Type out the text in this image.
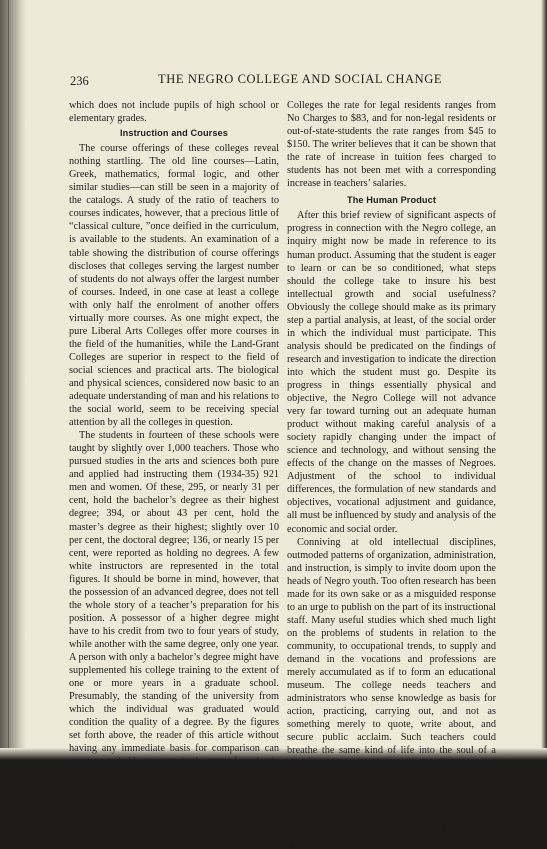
236	THE NEGRO COLLEGE AND SOCIAL CHANGE

which does not include pupils of high school or elementary grades.

Instruction and Courses

The course offerings of these colleges reveal nothing startling. The old line courses—Latin, Greek, mathematics, formal logic, and other similar studies—can still be seen in a majority of the catalogs. A study of the ratio of teachers to courses indicates, however, that a precious little of “classical culture, ”once deified in the curriculum, is available to the students. An examination of a table showing the distribution of course offerings discloses that colleges serving the largest number of students do not always offer the largest number of courses. Indeed, in one case at least a college with only half the enrolment of another offers virtually more courses. As one might expect, the pure Liberal Arts Colleges offer more courses in the field of the humanities, while the Land-Grant Colleges are superior in respect to the field of social sciences and practical arts. The biological and physical sciences, considered now basic to an adequate understanding of man and his relations to the social world, seem to be receiving special attention by all the colleges in question.

The students in fourteen of these schools were taught by slightly over 1,000 teachers. Those who pursued studies in the arts and sciences both pure and applied had instructing them (1934-35) 921 men and women. Of these, 295, or nearly 31 per cent, hold the bachelor’s degree as their highest degree; 394, or about 43 per cent, hold the master’s degree as their highest; slightly over 10 per cent, the doctoral degree; 136, or nearly 15 per cent, were reported as holding no degrees. A few white instructors are represented in the total figures. It should be borne in mind, however, that the possession of an advanced degree, does not tell the whole story of a teacher’s preparation for his position. A possessor of a higher degree might have to his credit from two to four years of study, while another with the same degree, only one year. A person with only a bachelor’s degree might have supplemented his college training to the extent of one or more years in a graduate school. Presumably, the standing of the university from which the individual was graduated would condition the quality of a degree. By the figures set forth above, the reader of this article without having any immediate basis for comparison can sense remarkable progress in the area of academic preparation of Negro college instructors.

For the instruction provided by these teachers, students pay tuition fees ranging from $75 to $150 in eleven private colleges. For the State

Colleges the rate for legal residents ranges from No Charges to $83, and for non-legal residents or out-of-state-students the rate ranges from $45 to $150. The writer believes that it can be shown that the rate of increase in tuition fees charged to students has not been met with a corresponding increase in teachers’ salaries.

The Human Product

After this brief review of significant aspects of progress in connection with the Negro college, an inquiry might now be made in reference to its human product. Assuming that the student is eager to learn or can be so conditioned, what steps should the college take to insure his best intellectual growth and social usefulness? Obviously the college should make as its primary step a partial analysis, at least, of the social order in which the individual must participate. This analysis should be predicated on the findings of research and investigation to indicate the direction into which the student must go. Despite its progress in things essentially physical and objective, the Negro College will not advance very far toward turning out an adequate human product without making careful analysis of a society rapidly changing under the impact of science and technology, and without sensing the effects of the change on the masses of Negroes. Adjustment of the school to individual differences, the formulation of new standards and objectives, vocational adjustment and guidance, all must be influenced by study and analysis of the economic and social order.

Conniving at old intellectual disciplines, outmoded patterns of organization, administration, and instruction, is simply to invite doom upon the heads of Negro youth. Too often research has been made for its own sake or as a misguided response to an urge to publish on the part of its instructional staff. Many useful studies which shed much light on the problems of students in relation to the community, to occupational trends, to supply and demand in the vocations and professions are merely accumulated as if to form an educational museum. The college needs teachers and administrators who sense knowledge as basis for action, practicing, carrying out, and not as something merely to quote, write about, and secure public acclaim. Such teachers could breathe the same kind of life into the soul of a student and mold a human product more capable of use by the nation because more useful to the nation.

Curricula are fine and indispensable only as means and instruments toward the end to which Negro youth must be guided. Teachers whose education never transcended the curriculum will
